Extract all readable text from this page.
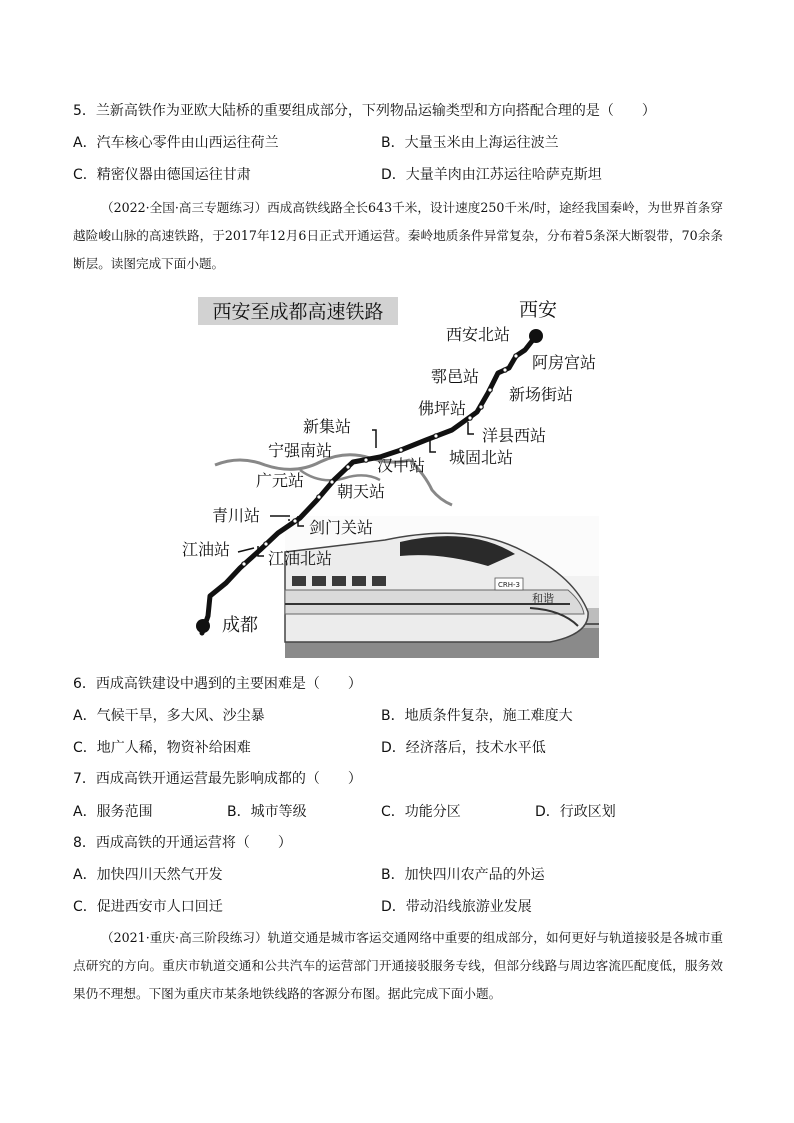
5．兰新高铁作为亚欧大陆桥的重要组成部分，下列物品运输类型和方向搭配合理的是（　　）
A．汽车核心零件由山西运往荷兰	B．大量玉米由上海运往波兰
C．精密仪器由德国运往甘肃	D．大量羊肉由江苏运往哈萨克斯坦
（2022·全国·高三专题练习）西成高铁线路全长643千米，设计速度250千米/时，途经我国秦岭，为世界首条穿越险峻山脉的高速铁路，于2017年12月6日正式开通运营。秦岭地质条件异常复杂，分布着5条深大断裂带，70余条断层。读图完成下面小题。
西安至成都高速铁路
CRH-3
和谐
西安
西安北站
阿房宫站
鄠邑站
新场街站
佛坪站
洋县西站
新集站
城固北站
宁强南站
汉中站
广元站
朝天站
青川站
剑门关站
江油站 江油北站
成都
6．西成高铁建设中遇到的主要困难是（　　）
A．气候干旱，多大风、沙尘暴	B．地质条件复杂，施工难度大
C．地广人稀，物资补给困难	D．经济落后，技术水平低
7．西成高铁开通运营最先影响成都的（　　）
A．服务范围	B．城市等级	C．功能分区	D．行政区划
8．西成高铁的开通运营将（　　）
A．加快四川天然气开发	B．加快四川农产品的外运
C．促进西安市人口回迁	D．带动沿线旅游业发展
（2021·重庆·高三阶段练习）轨道交通是城市客运交通网络中重要的组成部分，如何更好与轨道接驳是各城市重点研究的方向。重庆市轨道交通和公共汽车的运营部门开通接驳服务专线，但部分线路与周边客流匹配度低，服务效果仍不理想。下图为重庆市某条地铁线路的客源分布图。据此完成下面小题。
